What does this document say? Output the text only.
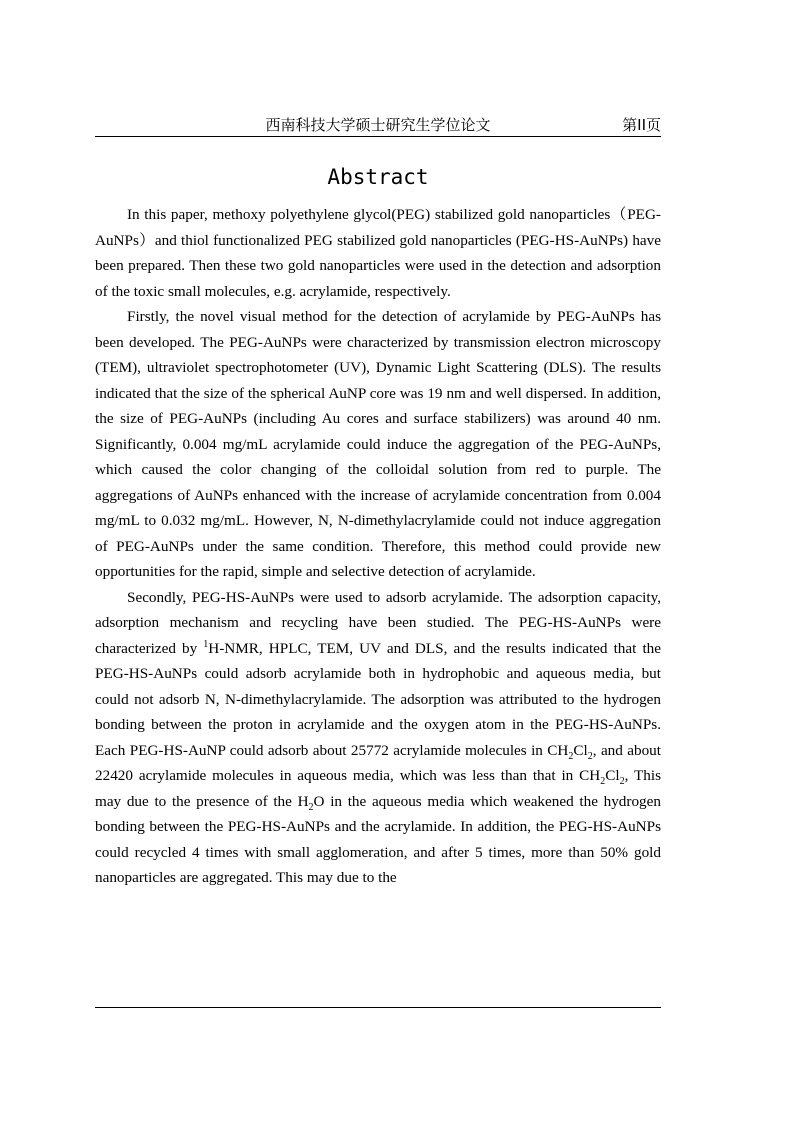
西南科技大学硕士研究生学位论文	第II页
Abstract

In this paper, methoxy polyethylene glycol(PEG) stabilized gold nanoparticles（PEG-AuNPs）and thiol functionalized PEG stabilized gold nanoparticles (PEG-HS-AuNPs) have been prepared. Then these two gold nanoparticles were used in the detection and adsorption of the toxic small molecules, e.g. acrylamide, respectively.

Firstly, the novel visual method for the detection of acrylamide by PEG-AuNPs has been developed. The PEG-AuNPs were characterized by transmission electron microscopy (TEM), ultraviolet spectrophotometer (UV), Dynamic Light Scattering (DLS). The results indicated that the size of the spherical AuNP core was 19 nm and well dispersed. In addition, the size of PEG-AuNPs (including Au cores and surface stabilizers) was around 40 nm. Significantly, 0.004 mg/mL acrylamide could induce the aggregation of the PEG-AuNPs, which caused the color changing of the colloidal solution from red to purple. The aggregations of AuNPs enhanced with the increase of acrylamide concentration from 0.004 mg/mL to 0.032 mg/mL. However, N, N-dimethylacrylamide could not induce aggregation of PEG-AuNPs under the same condition. Therefore, this method could provide new opportunities for the rapid, simple and selective detection of acrylamide.

Secondly, PEG-HS-AuNPs were used to adsorb acrylamide. The adsorption capacity, adsorption mechanism and recycling have been studied. The PEG-HS-AuNPs were characterized by $^1$H-NMR, HPLC, TEM, UV and DLS, and the results indicated that the PEG-HS-AuNPs could adsorb acrylamide both in hydrophobic and aqueous media, but could not adsorb N, N-dimethylacrylamide. The adsorption was attributed to the hydrogen bonding between the proton in acrylamide and the oxygen atom in the PEG-HS-AuNPs. Each PEG-HS-AuNP could adsorb about 25772 acrylamide molecules in $CH_2Cl_2$, and about 22420 acrylamide molecules in aqueous media, which was less than that in $CH_2Cl_2$, This may due to the presence of the $H_2O$ in the aqueous media which weakened the hydrogen bonding between the PEG-HS-AuNPs and the acrylamide. In addition, the PEG-HS-AuNPs could recycled 4 times with small agglomeration, and after 5 times, more than 50% gold nanoparticles are aggregated. This may due to the
